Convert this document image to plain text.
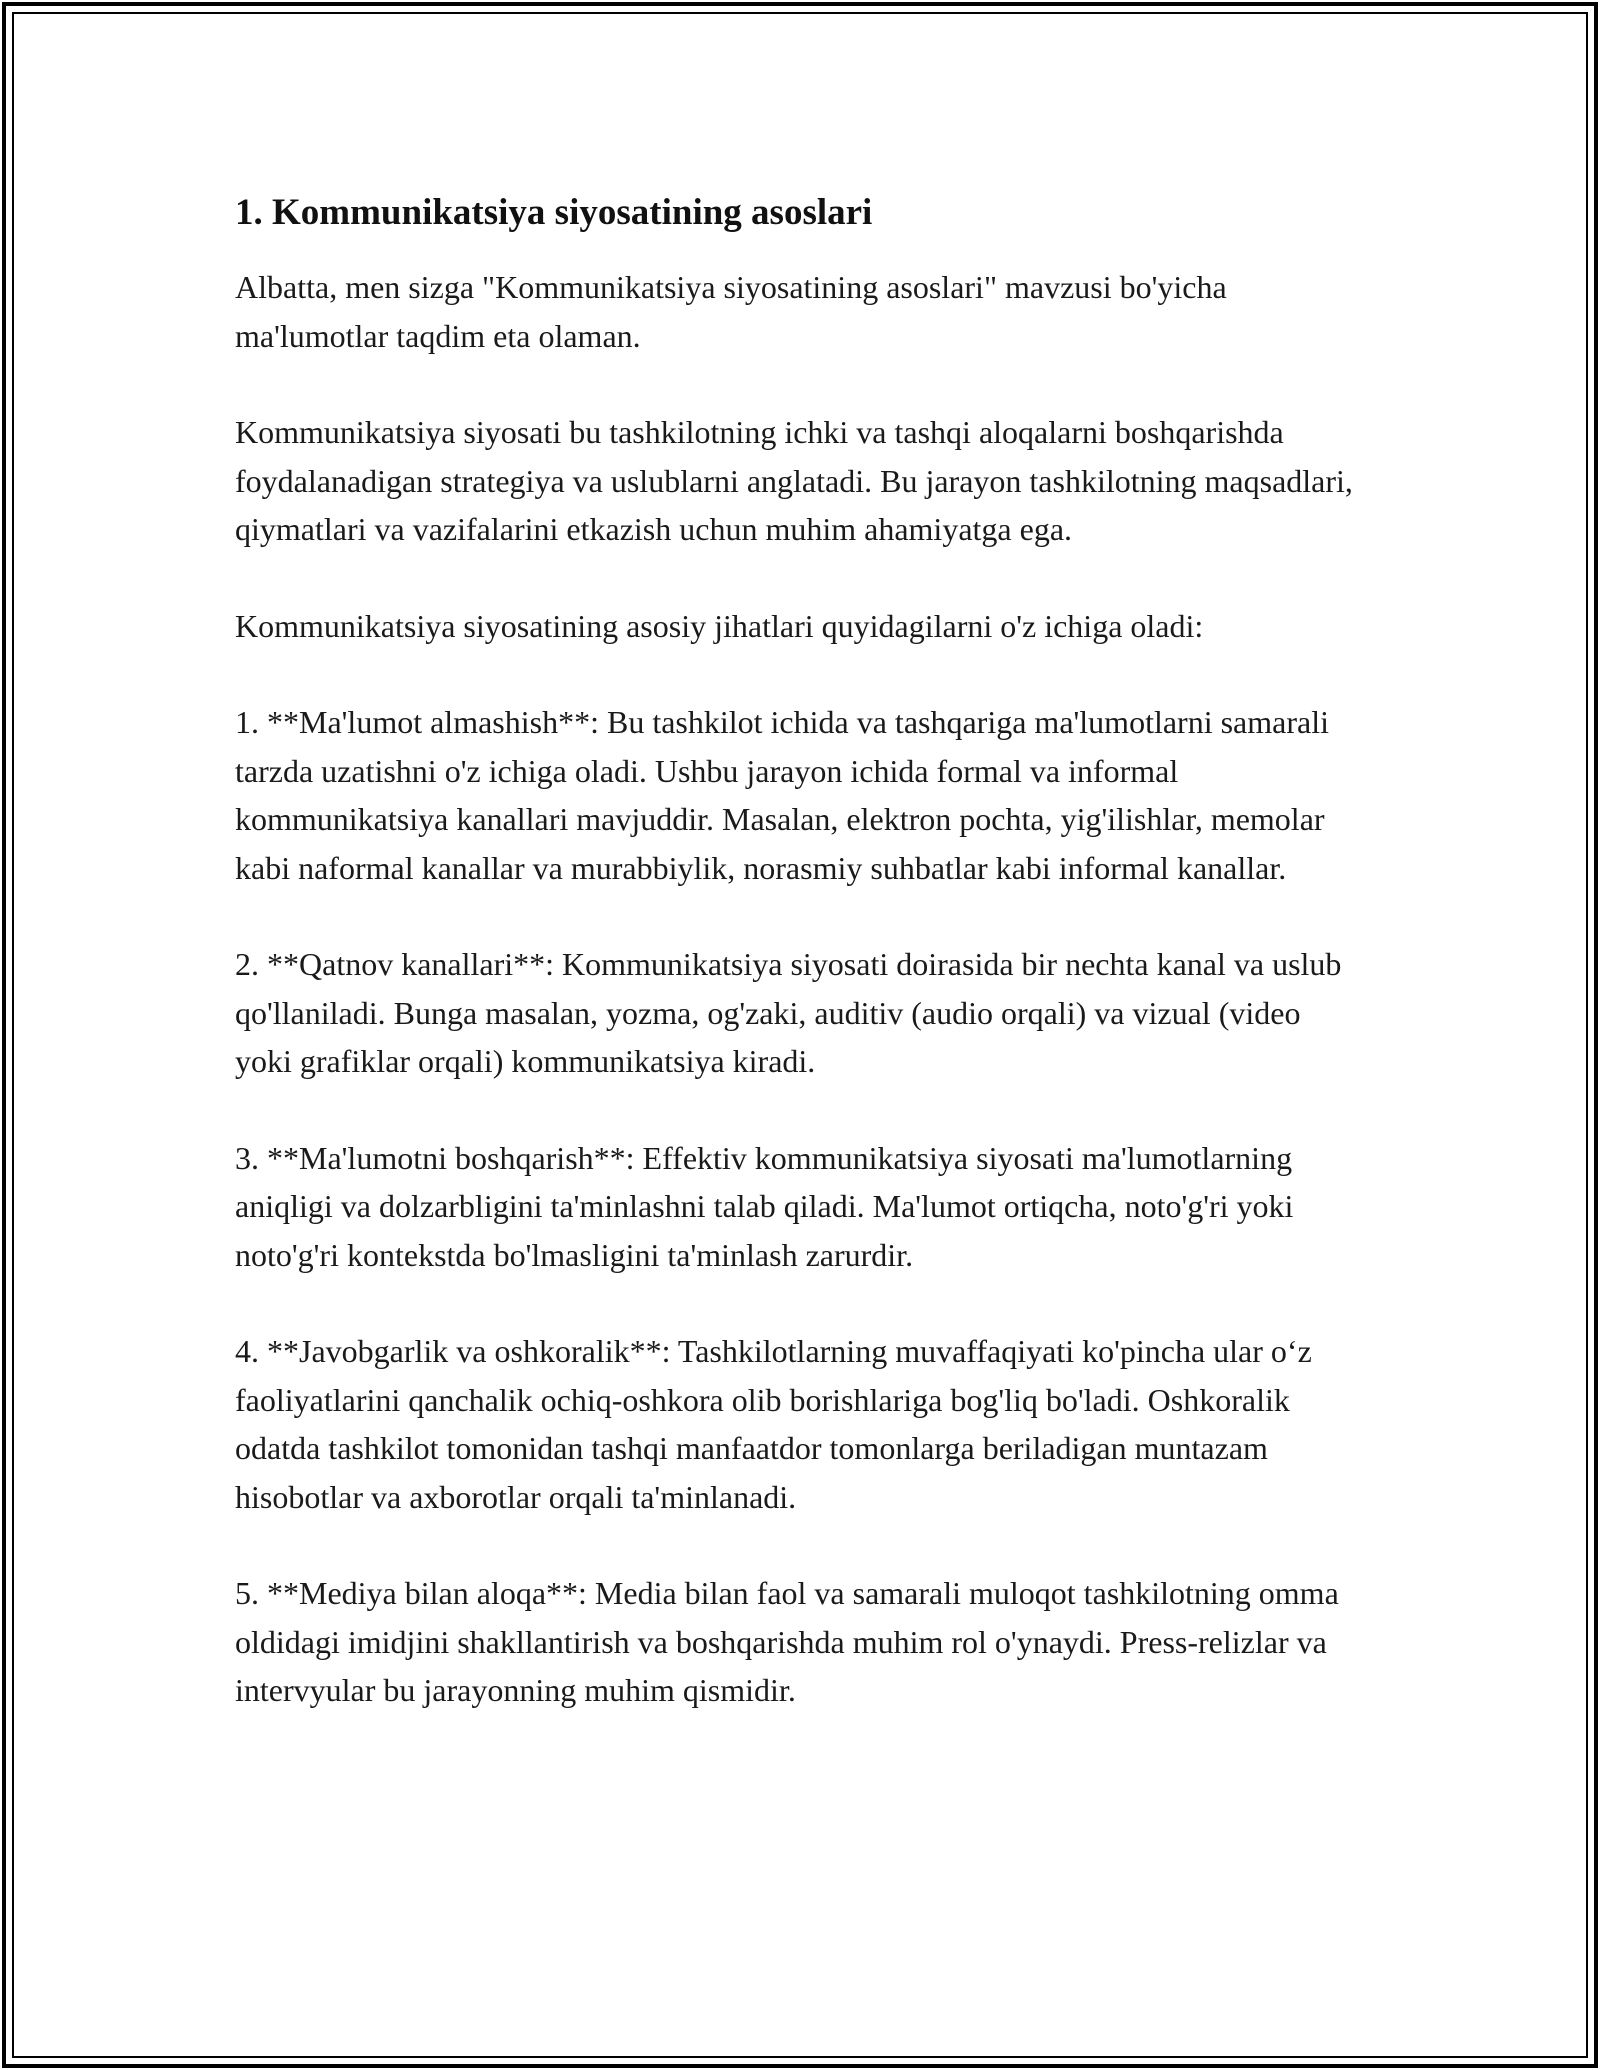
1. Kommunikatsiya siyosatining asoslari

Albatta, men sizga "Kommunikatsiya siyosatining asoslari" mavzusi bo'yicha ma'lumotlar taqdim eta olaman.

Kommunikatsiya siyosati bu tashkilotning ichki va tashqi aloqalarni boshqarishda foydalanadigan strategiya va uslublarni anglatadi. Bu jarayon tashkilotning maqsadlari, qiymatlari va vazifalarini etkazish uchun muhim ahamiyatga ega.

Kommunikatsiya siyosatining asosiy jihatlari quyidagilarni o'z ichiga oladi:

1. **Ma'lumot almashish**: Bu tashkilot ichida va tashqariga ma'lumotlarni samarali tarzda uzatishni o'z ichiga oladi. Ushbu jarayon ichida formal va informal kommunikatsiya kanallari mavjuddir. Masalan, elektron pochta, yig'ilishlar, memolar kabi naformal kanallar va murabbiylik, norasmiy suhbatlar kabi informal kanallar.

2. **Qatnov kanallari**: Kommunikatsiya siyosati doirasida bir nechta kanal va uslub qo'llaniladi. Bunga masalan, yozma, og'zaki, auditiv (audio orqali) va vizual (video yoki grafiklar orqali) kommunikatsiya kiradi.

3. **Ma'lumotni boshqarish**: Effektiv kommunikatsiya siyosati ma'lumotlarning aniqligi va dolzarbligini ta'minlashni talab qiladi. Ma'lumot ortiqcha, noto'g'ri yoki noto'g'ri kontekstda bo'lmasligini ta'minlash zarurdir.

4. **Javobgarlik va oshkoralik**: Tashkilotlarning muvaffaqiyati ko'pincha ular oʻz faoliyatlarini qanchalik ochiq-oshkora olib borishlariga bog'liq bo'ladi. Oshkoralik odatda tashkilot tomonidan tashqi manfaatdor tomonlarga beriladigan muntazam hisobotlar va axborotlar orqali ta'minlanadi.

5. **Mediya bilan aloqa**: Media bilan faol va samarali muloqot tashkilotning omma oldidagi imidjini shakllantirish va boshqarishda muhim rol o'ynaydi. Press-relizlar va intervyular bu jarayonning muhim qismidir.
